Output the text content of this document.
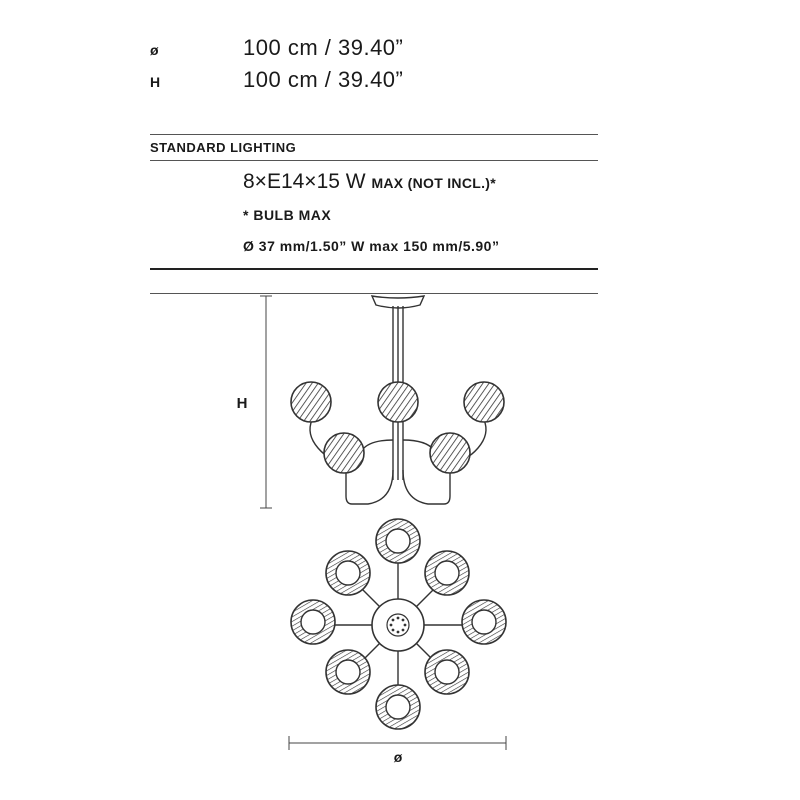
ø	100 cm / 39.40”
H	100 cm / 39.40”
STANDARD LIGHTING
8×E14×15 W MAX (NOT INCL.)*
* BULB MAX
Ø 37 mm/1.50” W max 150 mm/5.90”
H
ø
